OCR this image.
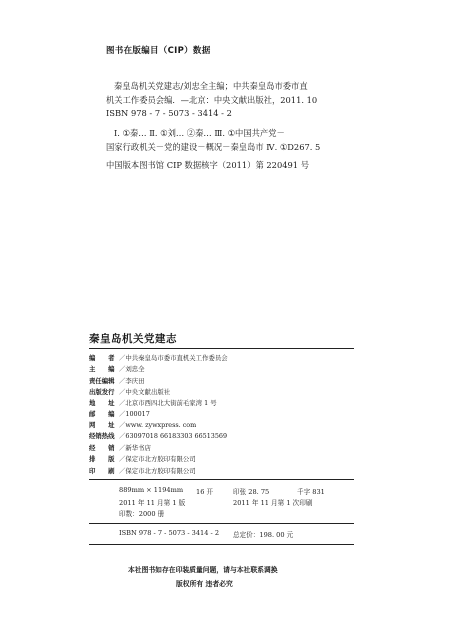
图书在版编目（CIP）数据
秦皇岛机关党建志/刘忠全主编；中共秦皇岛市委市直
机关工作委员会编．—北京：中央文献出版社，2011. 10
ISBN 978 - 7 - 5073 - 3414 - 2
Ⅰ. ①秦… Ⅱ. ①刘… ②秦… Ⅲ. ①中国共产党－
国家行政机关－党的建设－概况－秦皇岛市 Ⅳ. ①D267. 5
中国版本图书馆 CIP 数据核字（2011）第 220491 号
秦皇岛机关党建志
编　　者 ／中共秦皇岛市委市直机关工作委员会
主　　编 ／刘忠全
责任编辑 ／李庆田
出版发行 ／中央文献出版社
地　　址 ／北京市西四北大街前毛家湾 1 号
邮　　编 ／100017
网　　址 ／www. zywxpress. com
经销热线 ／63097018 66183303 66513569
经　　销 ／新华书店
排　　版 ／保定市北方胶印有限公司
印　　刷 ／保定市北方胶印有限公司
889mm × 1194mm 16 开	印张 28. 75	千字 831
2011 年 11 月第 1 版	2011 年 11 月第 1 次印刷
印数：2000 册
ISBN 978 - 7 - 5073 - 3414 - 2 总定价：198. 00 元
本社图书如存在印装质量问题，请与本社联系调换
版权所有 违者必究
